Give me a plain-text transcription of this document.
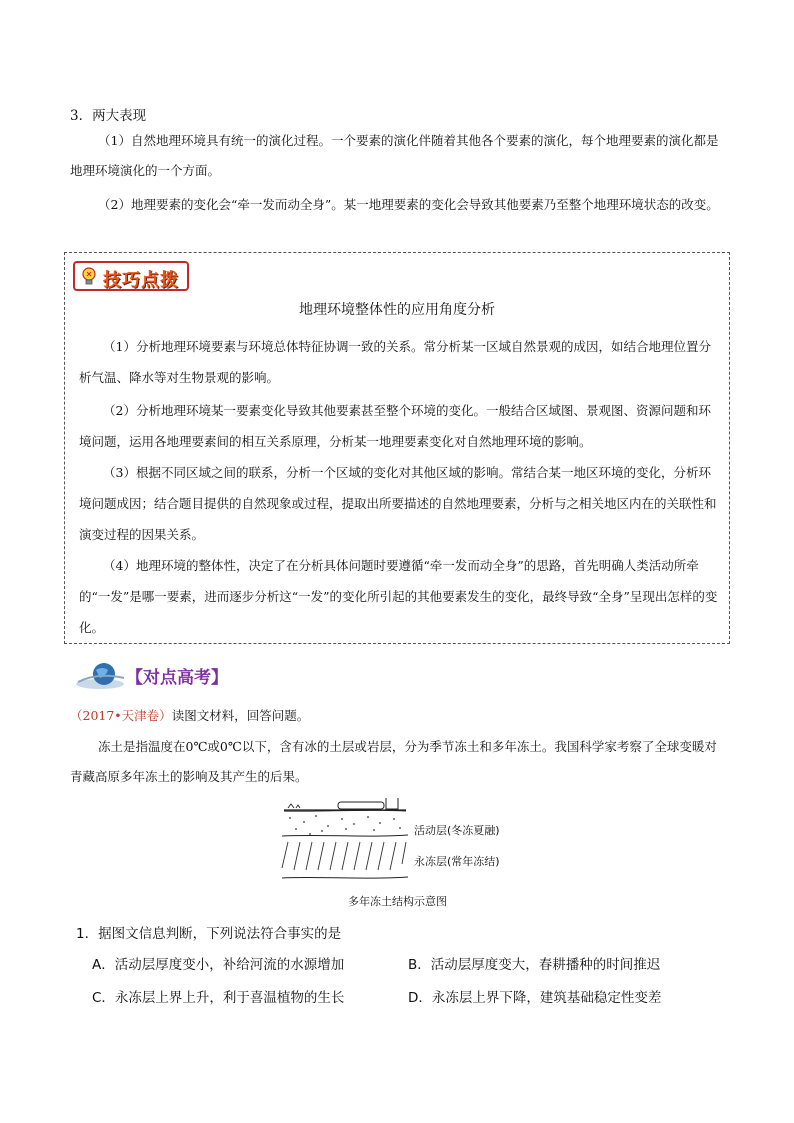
3．两大表现
（1）自然地理环境具有统一的演化过程。一个要素的演化伴随着其他各个要素的演化，每个地理要素的演化都是地理环境演化的一个方面。
（2）地理要素的变化会“牵一发而动全身”。某一地理要素的变化会导致其他要素乃至整个地理环境状态的改变。
技巧点拨
地理环境整体性的应用角度分析
（1）分析地理环境要素与环境总体特征协调一致的关系。常分析某一区域自然景观的成因，如结合地理位置分析气温、降水等对生物景观的影响。
（2）分析地理环境某一要素变化导致其他要素甚至整个环境的变化。一般结合区域图、景观图、资源问题和环境问题，运用各地理要素间的相互关系原理，分析某一地理要素变化对自然地理环境的影响。
（3）根据不同区域之间的联系，分析一个区域的变化对其他区域的影响。常结合某一地区环境的变化，分析环境问题成因；结合题目提供的自然现象或过程，提取出所要描述的自然地理要素，分析与之相关地区内在的关联性和演变过程的因果关系。
（4）地理环境的整体性，决定了在分析具体问题时要遵循“牵一发而动全身”的思路，首先明确人类活动所牵的“一发”是哪一要素，进而逐步分析这“一发”的变化所引起的其他要素发生的变化，最终导致“全身”呈现出怎样的变化。
【对点高考】
（2017•天津卷）读图文材料，回答问题。
冻土是指温度在0℃或0℃以下，含有冰的土层或岩层，分为季节冻土和多年冻土。我国科学家考察了全球变暖对青藏高原多年冻土的影响及其产生的后果。
活动层(冬冻夏融)
永冻层(常年冻结)
多年冻土结构示意图
1．据图文信息判断，下列说法符合事实的是
A．活动层厚度变小，补给河流的水源增加	B．活动层厚度变大，春耕播种的时间推迟
C．永冻层上界上升，利于喜温植物的生长	D．永冻层上界下降，建筑基础稳定性变差
